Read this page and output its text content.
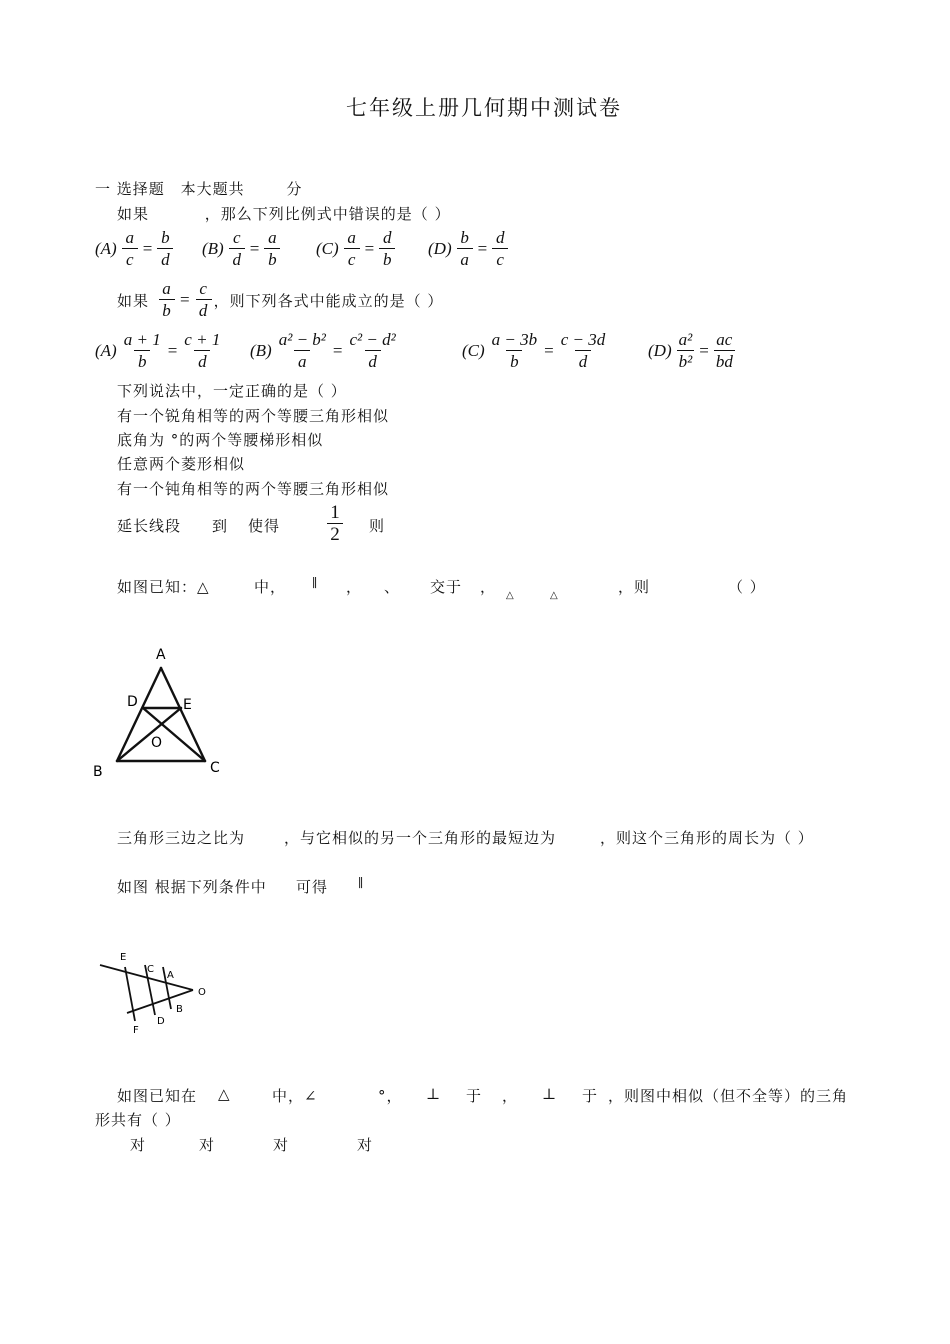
七年级上册几何期中测试卷
一 选择题 本大题共	分
如果	，那么下列比例式中错误的是（ ）
$(A) \frac{a}{c} = \frac{b}{d} (B) \frac{c}{d} = \frac{a}{b} (C) \frac{a}{c} = \frac{d}{b} (D) \frac{b}{a} = \frac{d}{c}$
如果 $\frac{a}{b} = \frac{c}{d}$ ，则下列各式中能成立的是（ ）
$(A) \frac{a + 1}{b} = \frac{c + 1}{d} (B) \frac{\text{a² − b²}}{a} = \frac{\text{c² − d²}}{d}$	$(C) \frac{a - 3b}{b} = \frac{c - 3d}{d} (D) \frac{\text{a²}}{\text{b²}} = \frac{ac}{bd}$
下列说法中，一定正确的是（ ）
有一个锐角相等的两个等腰三角形相似
底角为 °的两个等腰梯形相似
任意两个菱形相似
有一个钝角相等的两个等腰三角形相似
延长线段 到 使得 $\frac{1}{2}$ 则
如图已知：△	中， ∥ ， 、 交于 ， △	△	，则	（ ）
A
B	C
D	E
O
三角形三边之比为	，与它相似的另一个三角形的最短边为	，则这个三角形的周长为（ ）
如图 根据下列条件中 可得 ∥
E
C
A
O
F
D
B
如图已知在 △	中，∠	°， ⊥ 于 ， ⊥ 于 ，则图中相似（但不全等）的三角
形共有（ ）
对	对	对	对
